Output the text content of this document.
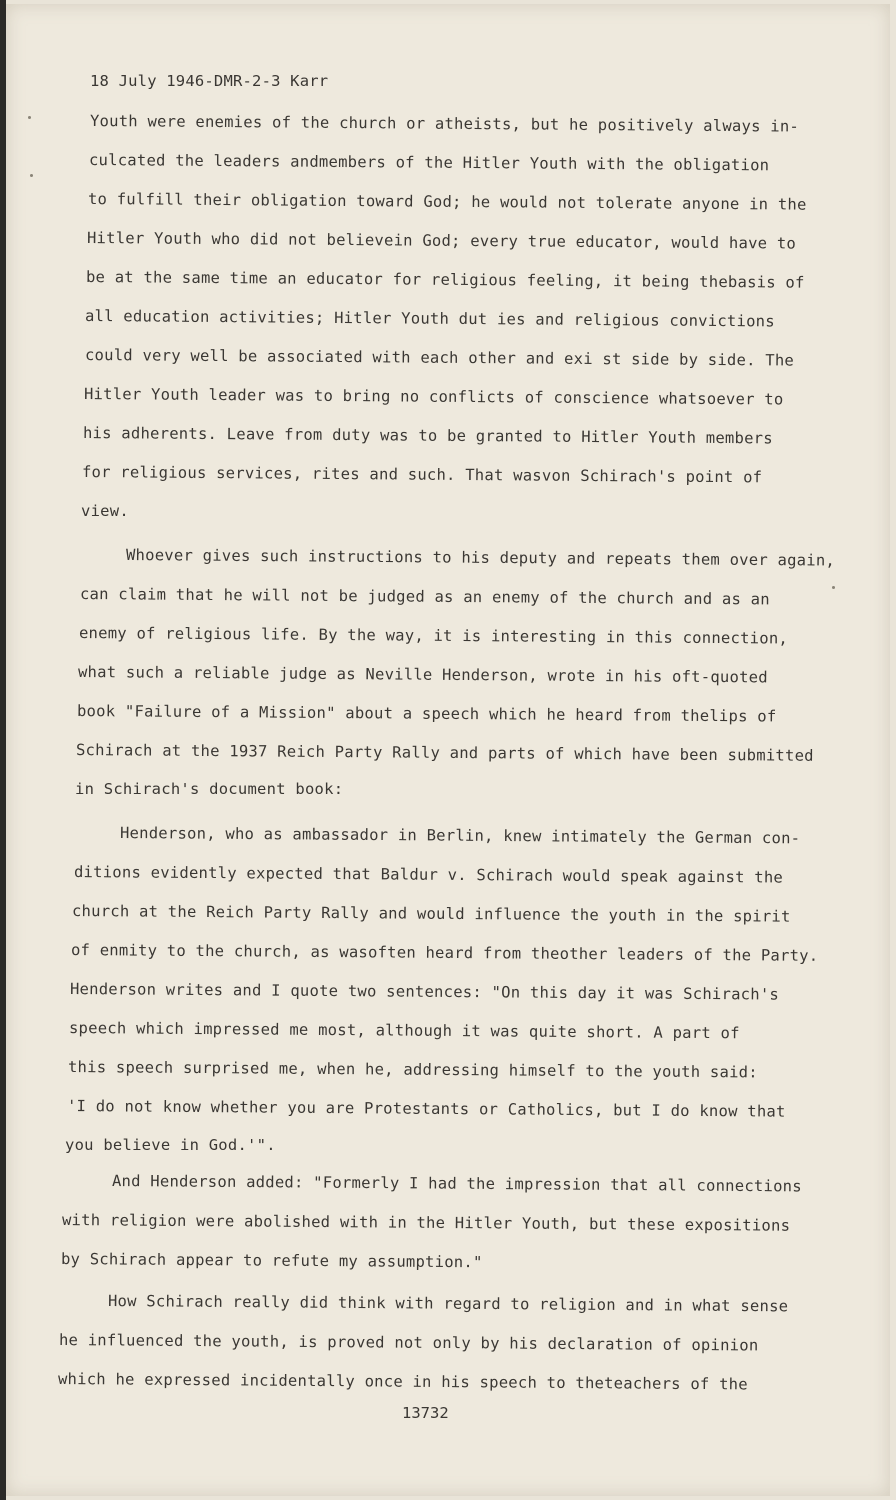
18 July 1946-DMR-2-3 Karr
Youth were enemies of the church or atheists, but he positively always in-
culcated the leaders andmembers of the Hitler Youth with the obligation
to fulfill their obligation toward God; he would not tolerate anyone in the
Hitler Youth who did not believein God; every true educator, would have to
be at the same time an educator for religious feeling, it being thebasis of
all education activities; Hitler Youth dut ies and religious convictions
could very well be associated with each other and exi st side by side. The
Hitler Youth leader was to bring no conflicts of conscience whatsoever to
his adherents. Leave from duty was to be granted to Hitler Youth members
for religious services, rites and such. That wasvon Schirach's point of
view.
Whoever gives such instructions to his deputy and repeats them over again,
can claim that he will not be judged as an enemy of the church and as an
enemy of religious life. By the way, it is interesting in this connection,
what such a reliable judge as Neville Henderson, wrote in his oft-quoted
book "Failure of a Mission" about a speech which he heard from thelips of
Schirach at the 1937 Reich Party Rally and parts of which have been submitted
in Schirach's document book:
Henderson, who as ambassador in Berlin, knew intimately the German con-
ditions evidently expected that Baldur v. Schirach would speak against the
church at the Reich Party Rally and would influence the youth in the spirit
of enmity to the church, as wasoften heard from theother leaders of the Party.
Henderson writes and I quote two sentences: "On this day it was Schirach's
speech which impressed me most, although it was quite short. A part of
this speech surprised me, when he, addressing himself to the youth said:
'I do not know whether you are Protestants or Catholics, but I do know that
you believe in God.'".
And Henderson added: "Formerly I had the impression that all connections
with religion were abolished with in the Hitler Youth, but these expositions
by Schirach appear to refute my assumption."
How Schirach really did think with regard to religion and in what sense
he influenced the youth, is proved not only by his declaration of opinion
which he expressed incidentally once in his speech to theteachers of the
13732
